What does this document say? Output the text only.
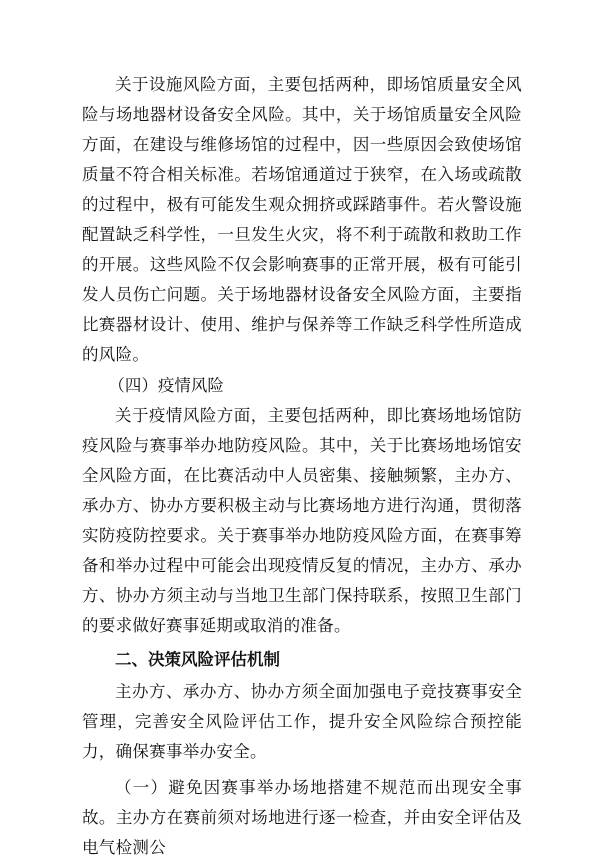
关于设施风险方面，主要包括两种，即场馆质量安全风险与场地器材设备安全风险。其中，关于场馆质量安全风险方面，在建设与维修场馆的过程中，因一些原因会致使场馆质量不符合相关标准。若场馆通道过于狭窄，在入场或疏散的过程中，极有可能发生观众拥挤或踩踏事件。若火警设施配置缺乏科学性，一旦发生火灾，将不利于疏散和救助工作的开展。这些风险不仅会影响赛事的正常开展，极有可能引发人员伤亡问题。关于场地器材设备安全风险方面，主要指比赛器材设计、使用、维护与保养等工作缺乏科学性所造成的风险。

（四）疫情风险

关于疫情风险方面，主要包括两种，即比赛场地场馆防疫风险与赛事举办地防疫风险。其中，关于比赛场地场馆安全风险方面，在比赛活动中人员密集、接触频繁，主办方、承办方、协办方要积极主动与比赛场地方进行沟通，贯彻落实防疫防控要求。关于赛事举办地防疫风险方面，在赛事筹备和举办过程中可能会出现疫情反复的情况，主办方、承办方、协办方须主动与当地卫生部门保持联系，按照卫生部门的要求做好赛事延期或取消的准备。

二、决策风险评估机制

主办方、承办方、协办方须全面加强电子竞技赛事安全管理，完善安全风险评估工作，提升安全风险综合预控能力，确保赛事举办安全。

（一）避免因赛事举办场地搭建不规范而出现安全事故。主办方在赛前须对场地进行逐一检查，并由安全评估及电气检测公
